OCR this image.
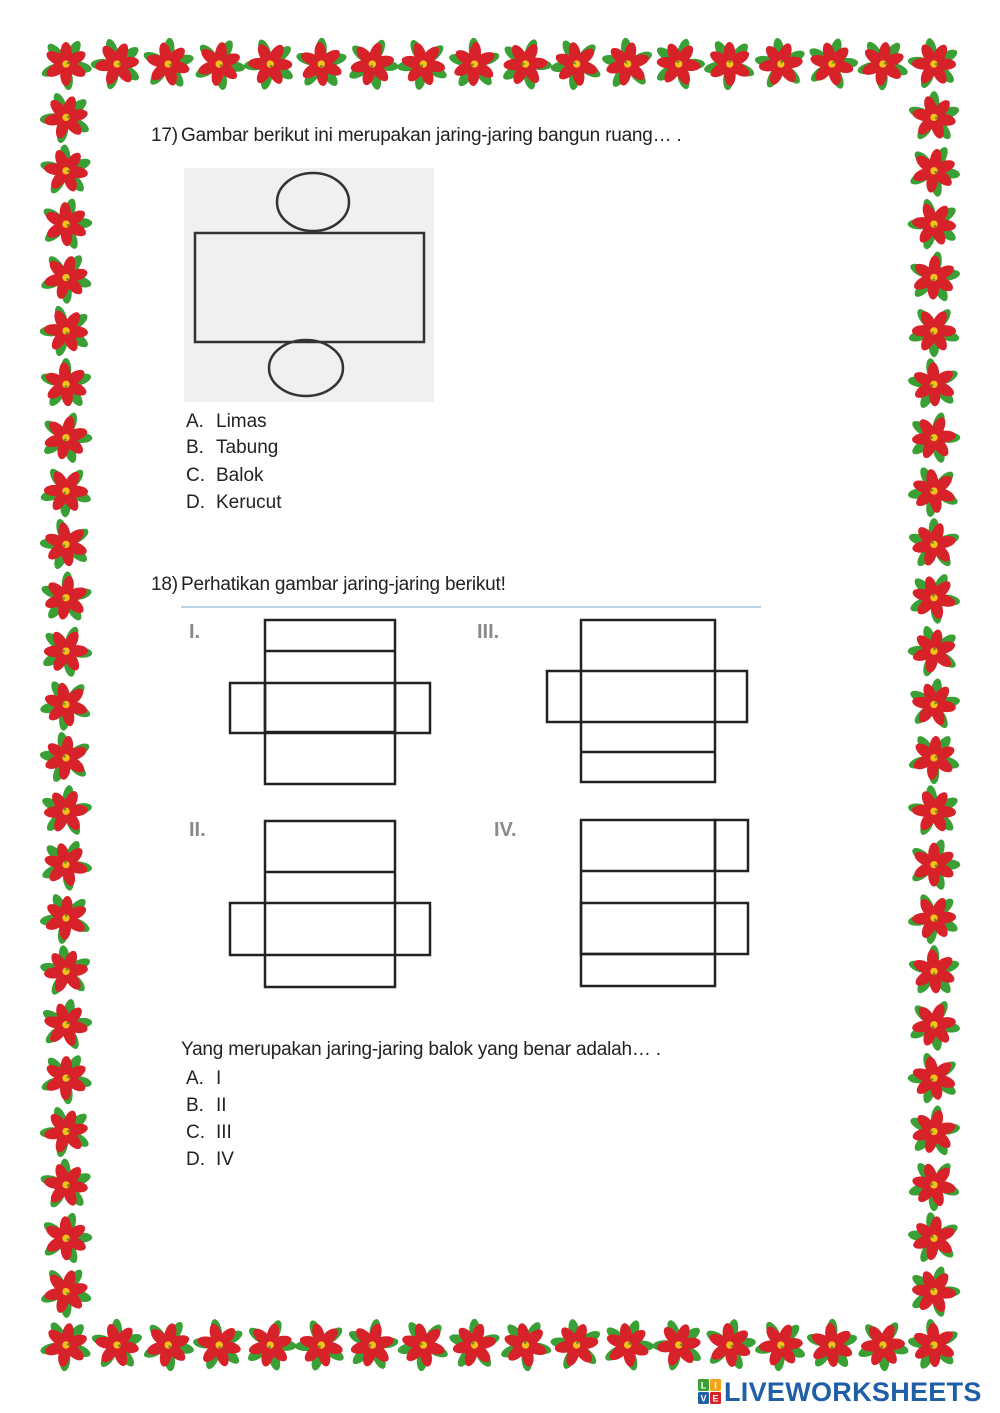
17) Gambar berikut ini merupakan jaring-jaring bangun ruang… .
A. Limas
B. Tabung
C. Balok
D. Kerucut
18) Perhatikan gambar jaring-jaring berikut!
I.
II.
III.
IV.
Yang merupakan jaring-jaring balok yang benar adalah… .
A. I
B. II
C. III
D. IV
L I
V E LIVEWORKSHEETS
